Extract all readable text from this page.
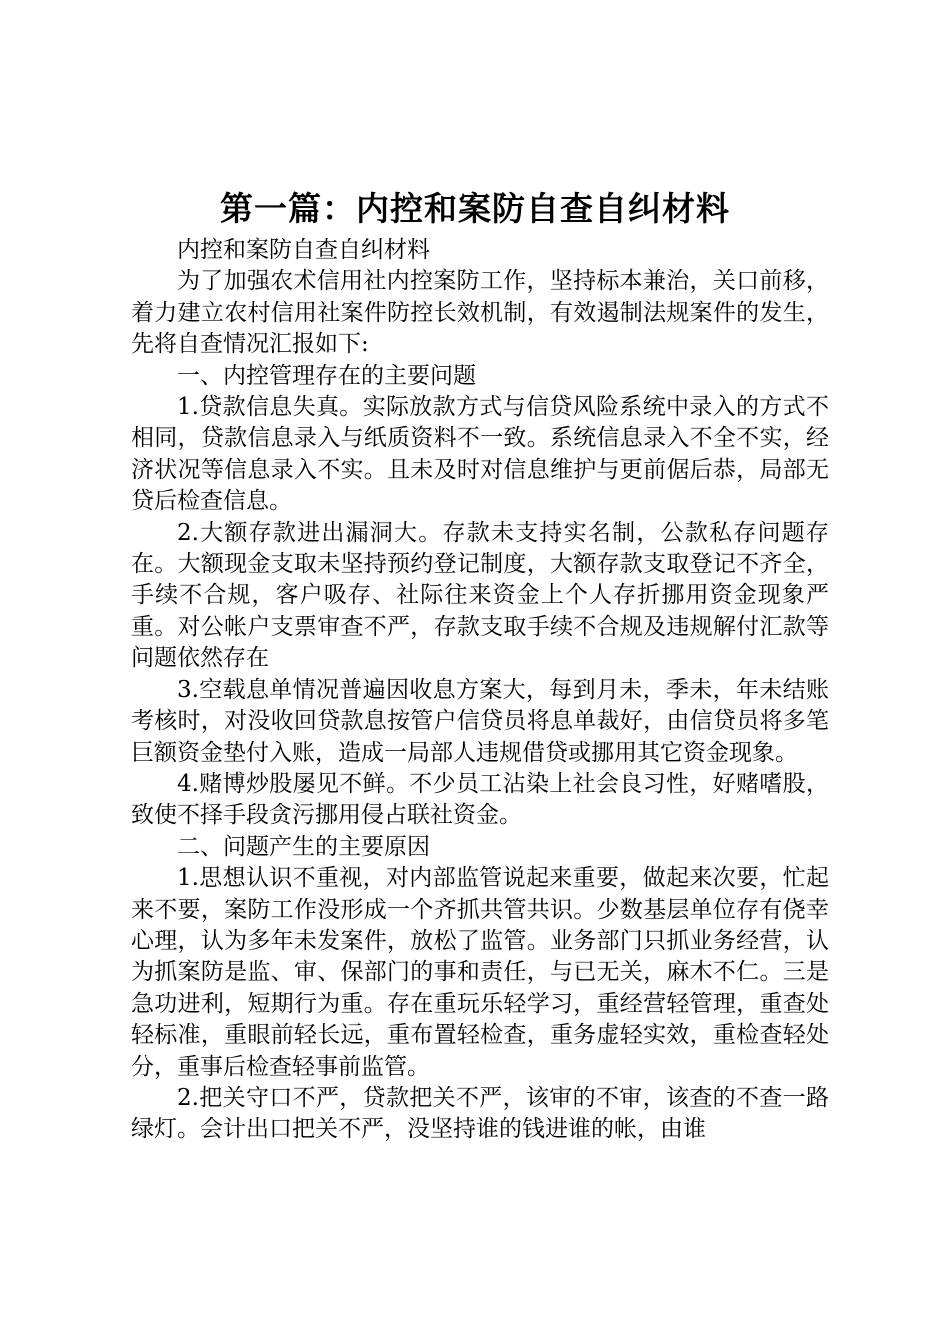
第一篇：内控和案防自查自纠材料

内控和案防自查自纠材料

为了加强农术信用社内控案防工作，坚持标本兼治，关口前移，着力建立农村信用社案件防控长效机制，有效遏制法规案件的发生，先将自查情况汇报如下:

一、内控管理存在的主要问题

1.贷款信息失真。实际放款方式与信贷风险系统中录入的方式不相同，贷款信息录入与纸质资料不一致。系统信息录入不全不实，经济状况等信息录入不实。且未及时对信息维护与更前倨后恭，局部无贷后检查信息。

2.大额存款进出漏洞大。存款未支持实名制，公款私存问题存在。大额现金支取未坚持预约登记制度，大额存款支取登记不齐全，手续不合规，客户吸存、社际往来资金上个人存折挪用资金现象严重。对公帐户支票审查不严，存款支取手续不合规及违规解付汇款等问题依然存在

3.空载息单情况普遍因收息方案大，每到月未，季未，年未结账考核时，对没收回贷款息按管户信贷员将息单裁好，由信贷员将多笔巨额资金垫付入账，造成一局部人违规借贷或挪用其它资金现象。

4.赌博炒股屡见不鲜。不少员工沾染上社会良习性，好赌嗜股，致使不择手段贪污挪用侵占联社资金。

二、问题产生的主要原因

1.思想认识不重视，对内部监管说起来重要，做起来次要，忙起来不要，案防工作没形成一个齐抓共管共识。少数基层单位存有侥幸心理，认为多年未发案件，放松了监管。业务部门只抓业务经营，认为抓案防是监、审、保部门的事和责任，与已无关，麻木不仁。三是急功进利，短期行为重。存在重玩乐轻学习，重经营轻管理，重查处轻标准，重眼前轻长远，重布置轻检查，重务虚轻实效，重检查轻处分，重事后检查轻事前监管。

2.把关守口不严，贷款把关不严，该审的不审，该查的不查一路绿灯。会计出口把关不严，没坚持谁的钱进谁的帐，由谁
